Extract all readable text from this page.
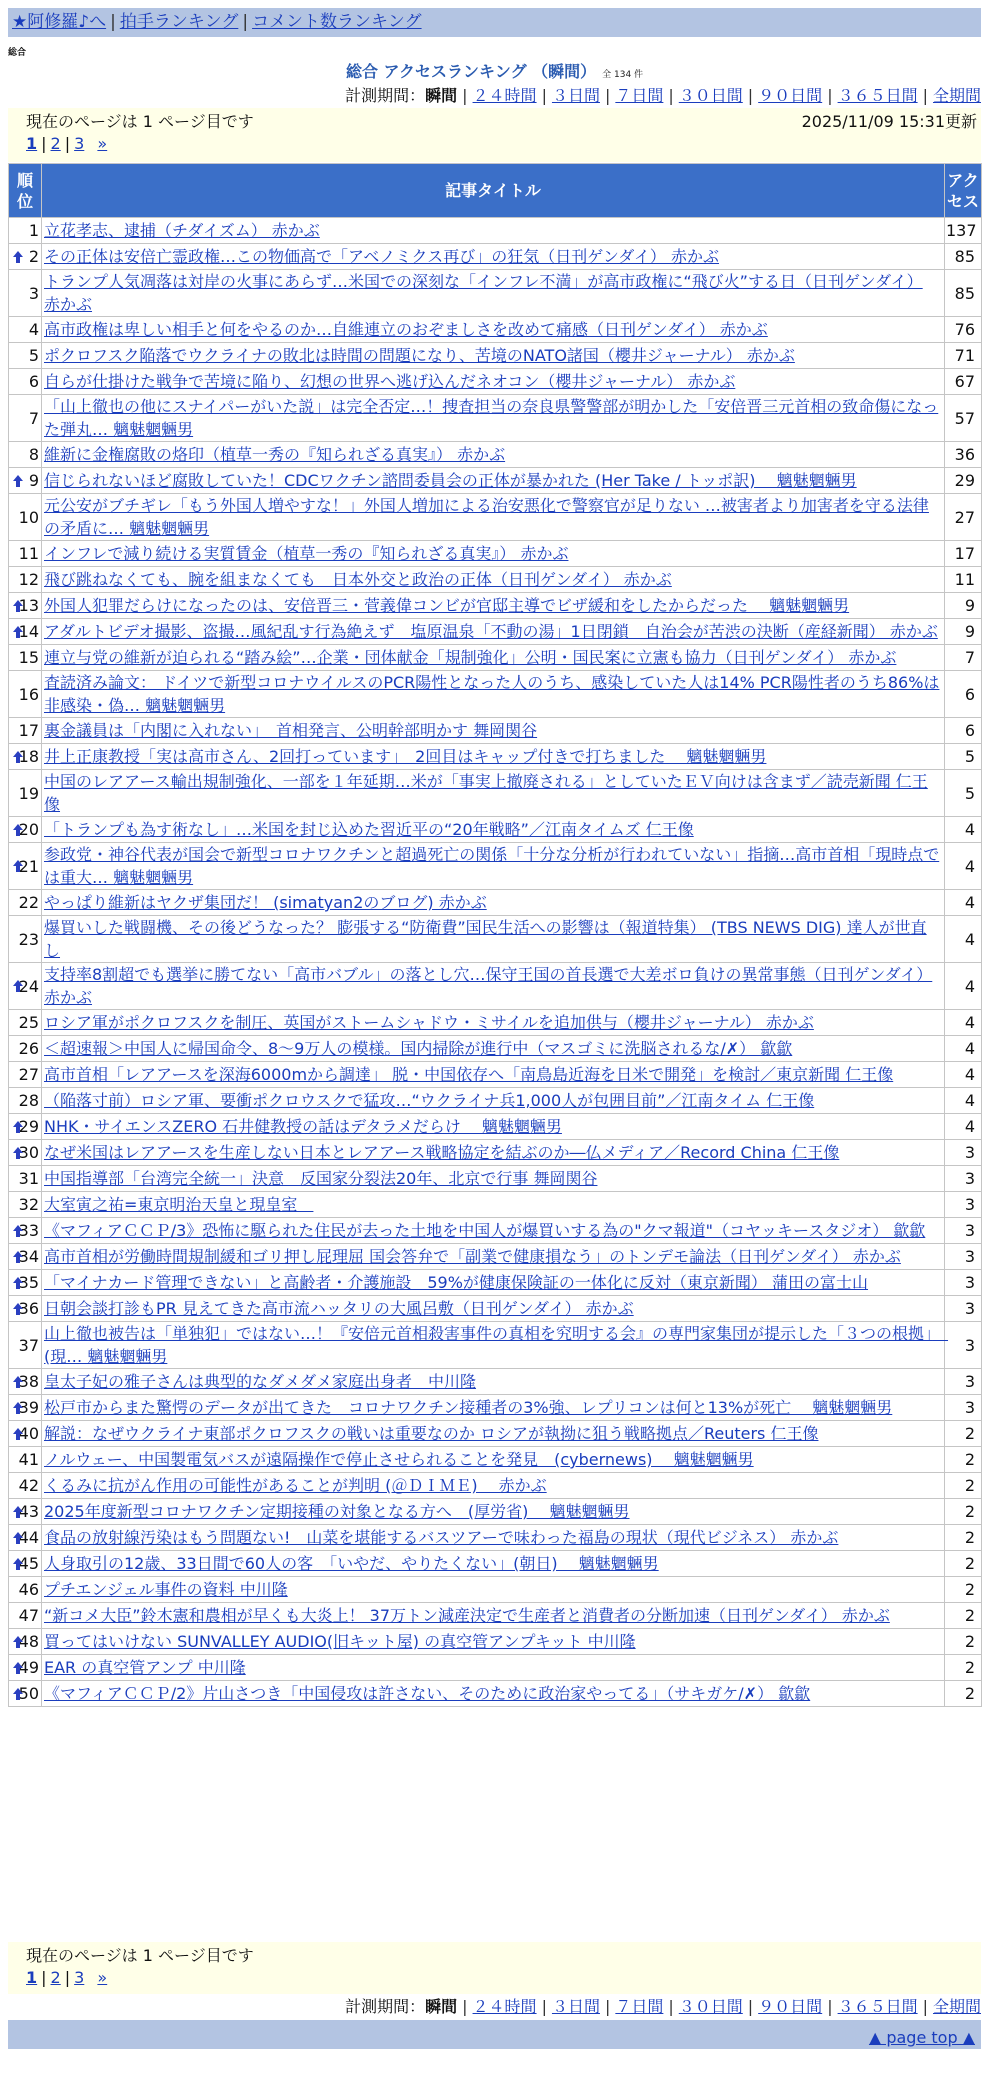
★阿修羅♪へ | 拍手ランキング | コメント数ランキング
総合
総合 アクセスランキング （瞬間） 全 134 件
計測期間：瞬間 | ２４時間 | ３日間 | ７日間 | ３０日間 | ９０日間 | ３６５日間 | 全期間
現在のページは 1 ページ目です	2025/11/09 15:31更新
1 | 2 | 3 »
順位	記事タイトル	アクセス
1	立花孝志、逮捕（チダイズム） 赤かぶ	137

2	その正体は安倍亡霊政権…この物価高で「アベノミクス再び」の狂気（日刊ゲンダイ） 赤かぶ	85
3	トランプ人気凋落は対岸の火事にあらず…米国での深刻な「インフレ不満」が高市政権に“飛び火”する日（日刊ゲンダイ） 赤かぶ	85
4	高市政権は卑しい相手と何をやるのか…自維連立のおぞましさを改めて痛感（日刊ゲンダイ） 赤かぶ	76
5	ポクロフスク陥落でウクライナの敗北は時間の問題になり、苦境のNATO諸国（櫻井ジャーナル） 赤かぶ	71
6	自らが仕掛けた戦争で苦境に陥り、幻想の世界へ逃げ込んだネオコン（櫻井ジャーナル） 赤かぶ	67
7	「山上徹也の他にスナイパーがいた説」は完全否定…！捜査担当の奈良県警警部が明かした「安倍晋三元首相の致命傷になった弾丸… 魑魅魍魎男	57
8	維新に金権腐敗の烙印（植草一秀の『知られざる真実』） 赤かぶ	36

9	信じられないほど腐敗していた！CDCワクチン諮問委員会の正体が暴かれた (Her Take / トッポ訳)　 魑魅魍魎男	29
10	元公安がブチギレ「もう外国人増やすな！」外国人増加による治安悪化で警察官が足りない …被害者より加害者を守る法律の矛盾に… 魑魅魍魎男	27
11	インフレで減り続ける実質賃金（植草一秀の『知られざる真実』） 赤かぶ	17
12	飛び跳ねなくても、腕を組まなくても　日本外交と政治の正体（日刊ゲンダイ） 赤かぶ	11

13	外国人犯罪だらけになったのは、安倍晋三・菅義偉コンビが官邸主導でビザ緩和をしたからだった　 魑魅魍魎男	9

14	アダルトビデオ撮影、盗撮…風紀乱す行為絶えず　塩原温泉「不動の湯」1日閉鎖　自治会が苦渋の決断（産経新聞） 赤かぶ	9
15	連立与党の維新が迫られる“踏み絵”…企業・団体献金「規制強化」公明・国民案に立憲も協力（日刊ゲンダイ） 赤かぶ	7
16	査読済み論文： ドイツで新型コロナウイルスのPCR陽性となった人のうち、感染していた人は14% PCR陽性者のうち86%は非感染・偽… 魑魅魍魎男	6
17	裏金議員は「内閣に入れない」　首相発言、公明幹部明かす 舞岡関谷	6

18	井上正康教授「実は高市さん、2回打っています」　2回目はキャップ付きで打ちました　 魑魅魍魎男	5
19	中国のレアアース輸出規制強化、一部を１年延期…米が「事実上撤廃される」としていたＥＶ向けは含まず／読売新聞 仁王像	5

20	「トランプも為す術なし」…米国を封じ込めた習近平の“20年戦略”／江南タイムズ 仁王像	4

21	参政党・神谷代表が国会で新型コロナワクチンと超過死亡の関係「十分な分析が行われていない」指摘…高市首相「現時点では重大… 魑魅魍魎男	4
22	やっぱり維新はヤクザ集団だ！ (simatyan2のブログ) 赤かぶ	4
23	爆買いした戦闘機、その後どうなった？ 膨張する“防衛費”国民生活への影響は（報道特集） (TBS NEWS DIG) 達人が世直し	4

24	支持率8割超でも選挙に勝てない「高市バブル」の落とし穴…保守王国の首長選で大差ボロ負けの異常事態（日刊ゲンダイ） 赤かぶ	4
25	ロシア軍がポクロフスクを制圧、英国がストームシャドウ・ミサイルを追加供与（櫻井ジャーナル） 赤かぶ	4
26	＜超速報＞中国人に帰国命令、8～9万人の模様。国内掃除が進行中（マスゴミに洗脳されるな/✗） 歙歙	4
27	高市首相「レアアースを深海6000mから調達」 脱・中国依存へ「南鳥島近海を日米で開発」を検討／東京新聞 仁王像	4
28	（陥落寸前）ロシア軍、要衝ポクロウスクで猛攻…“ウクライナ兵1,000人が包囲目前”／江南タイム 仁王像	4

29	NHK・サイエンスZERO 石井健教授の話はデタラメだらけ　 魑魅魍魎男	4

30	なぜ米国はレアアースを生産しない日本とレアアース戦略協定を結ぶのか―仏メディア／Record China 仁王像	3
31	中国指導部「台湾完全統一」決意　反国家分裂法20年、北京で行事 舞岡関谷	3
32	大室寅之祐=東京明治天皇と現皇室　	3

33	《マフィアＣＣＰ/3》恐怖に駆られた住民が去った土地を中国人が爆買いする為の"クマ報道"（コヤッキースタジオ） 歙歙	3

34	高市首相が労働時間規制緩和ゴリ押し屁理屈 国会答弁で「副業で健康損なう」のトンデモ論法（日刊ゲンダイ） 赤かぶ	3

35	「マイナカード管理できない」と高齢者・介護施設　59%が健康保険証の一体化に反対（東京新聞） 蒲田の富士山	3

36	日朝会談打診もPR 見えてきた高市流ハッタリの大風呂敷（日刊ゲンダイ） 赤かぶ	3
37	山上徹也被告は「単独犯」ではない…！『安倍元首相殺害事件の真相を究明する会』の専門家集団が提示した「３つの根拠」　(現… 魑魅魍魎男	3

38	皇太子妃の雅子さんは典型的なダメダメ家庭出身者　中川隆	3

39	松戸市からまた驚愕のデータが出てきた　コロナワクチン接種者の3%強、レプリコンは何と13%が死亡　 魑魅魍魎男	3

40	解説：なぜウクライナ東部ポクロフスクの戦いは重要なのか ロシアが執拗に狙う戦略拠点／Reuters 仁王像	2
41	ノルウェー、中国製電気バスが遠隔操作で停止させられることを発見　(cybernews)　 魑魅魍魎男	2
42	くるみに抗がん作用の可能性があることが判明 (＠ＤＩＭＥ)　 赤かぶ	2

43	2025年度新型コロナワクチン定期接種の対象となる方へ　(厚労省)　 魑魅魍魎男	2

44	食品の放射線汚染はもう問題ない!　山菜を堪能するバスツアーで味わった福島の現状（現代ビジネス） 赤かぶ	2

45	人身取引の12歳、33日間で60人の客　「いやだ、やりたくない」(朝日)　 魑魅魍魎男	2
46	プチエンジェル事件の資料 中川隆	2
47	“新コメ大臣”鈴木憲和農相が早くも大炎上！ 37万トン減産決定で生産者と消費者の分断加速（日刊ゲンダイ） 赤かぶ	2

48	買ってはいけない SUNVALLEY AUDIO(旧キット屋) の真空管アンプキット 中川隆	2

49	EAR の真空管アンプ 中川隆	2

50	《マフィアＣＣＰ/2》片山さつき「中国侵攻は許さない、そのために政治家やってる」（サキガケ/✗） 歙歙	2
現在のページは 1 ページ目です
1 | 2 | 3 »
計測期間：瞬間 | ２４時間 | ３日間 | ７日間 | ３０日間 | ９０日間 | ３６５日間 | 全期間
▲ page top ▲
